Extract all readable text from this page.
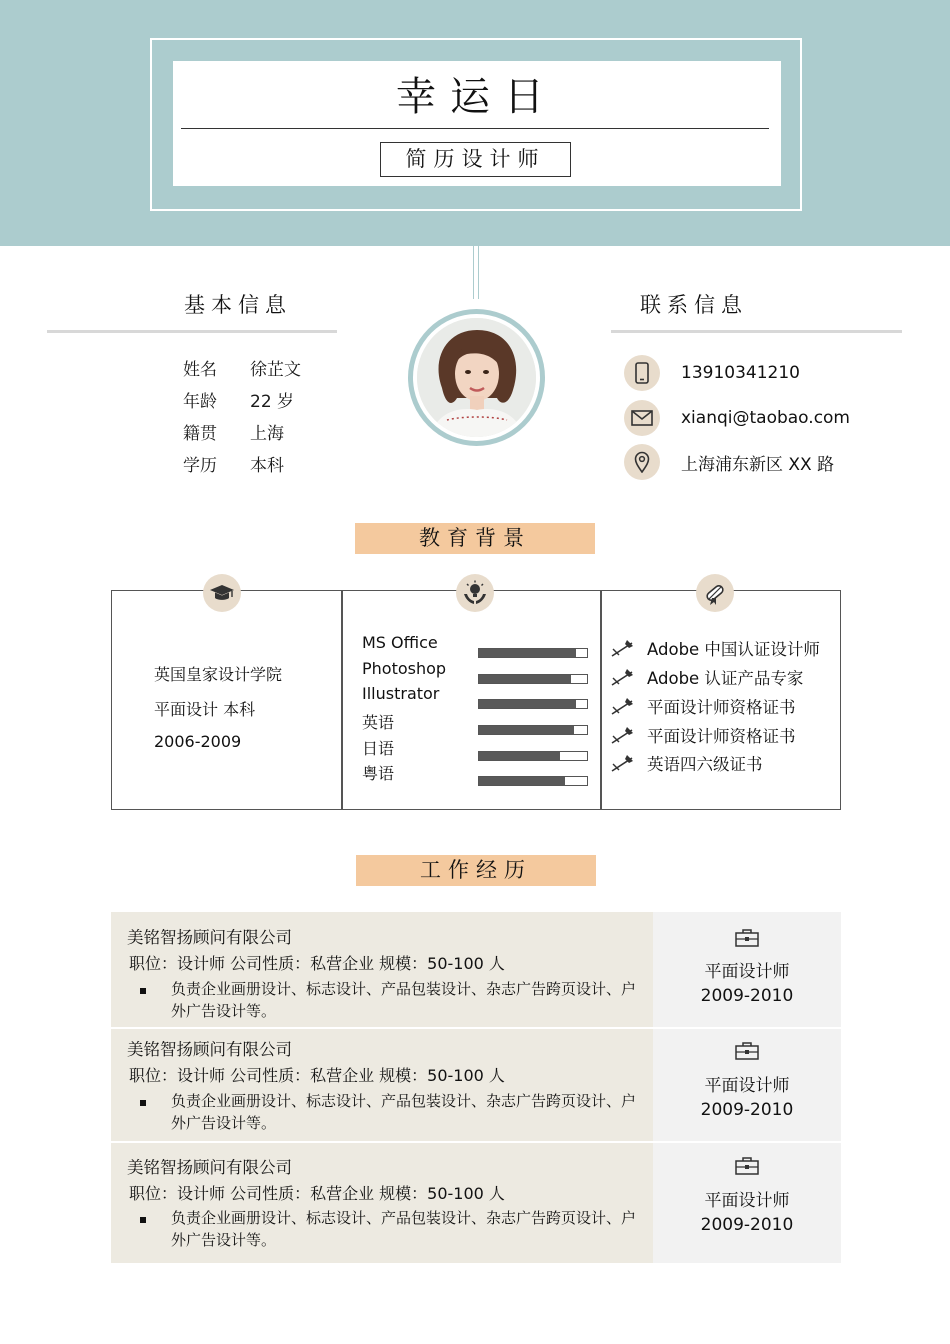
幸运日
简历设计师
基本信息
姓名	徐芷文
年龄	22 岁
籍贯	上海
学历	本科
联系信息
13910341210
xianqi@taobao.com
上海浦东新区 XX 路
教育背景
英国皇家设计学院
平面设计 本科
2006-2009
MS Office
Photoshop
Illustrator
英语
日语
粤语
Adobe 中国认证设计师
Adobe 认证产品专家
平面设计师资格证书
平面设计师资格证书
英语四六级证书
工作经历
美铭智扬顾问有限公司
职位：设计师 公司性质：私营企业 规模：50-100 人
负责企业画册设计、标志设计、产品包装设计、杂志广告跨页设计、户外广告设计等。
平面设计师
2009-2010
美铭智扬顾问有限公司
职位：设计师 公司性质：私营企业 规模：50-100 人
负责企业画册设计、标志设计、产品包装设计、杂志广告跨页设计、户外广告设计等。
平面设计师
2009-2010
美铭智扬顾问有限公司
职位：设计师 公司性质：私营企业 规模：50-100 人
负责企业画册设计、标志设计、产品包装设计、杂志广告跨页设计、户外广告设计等。
平面设计师
2009-2010
